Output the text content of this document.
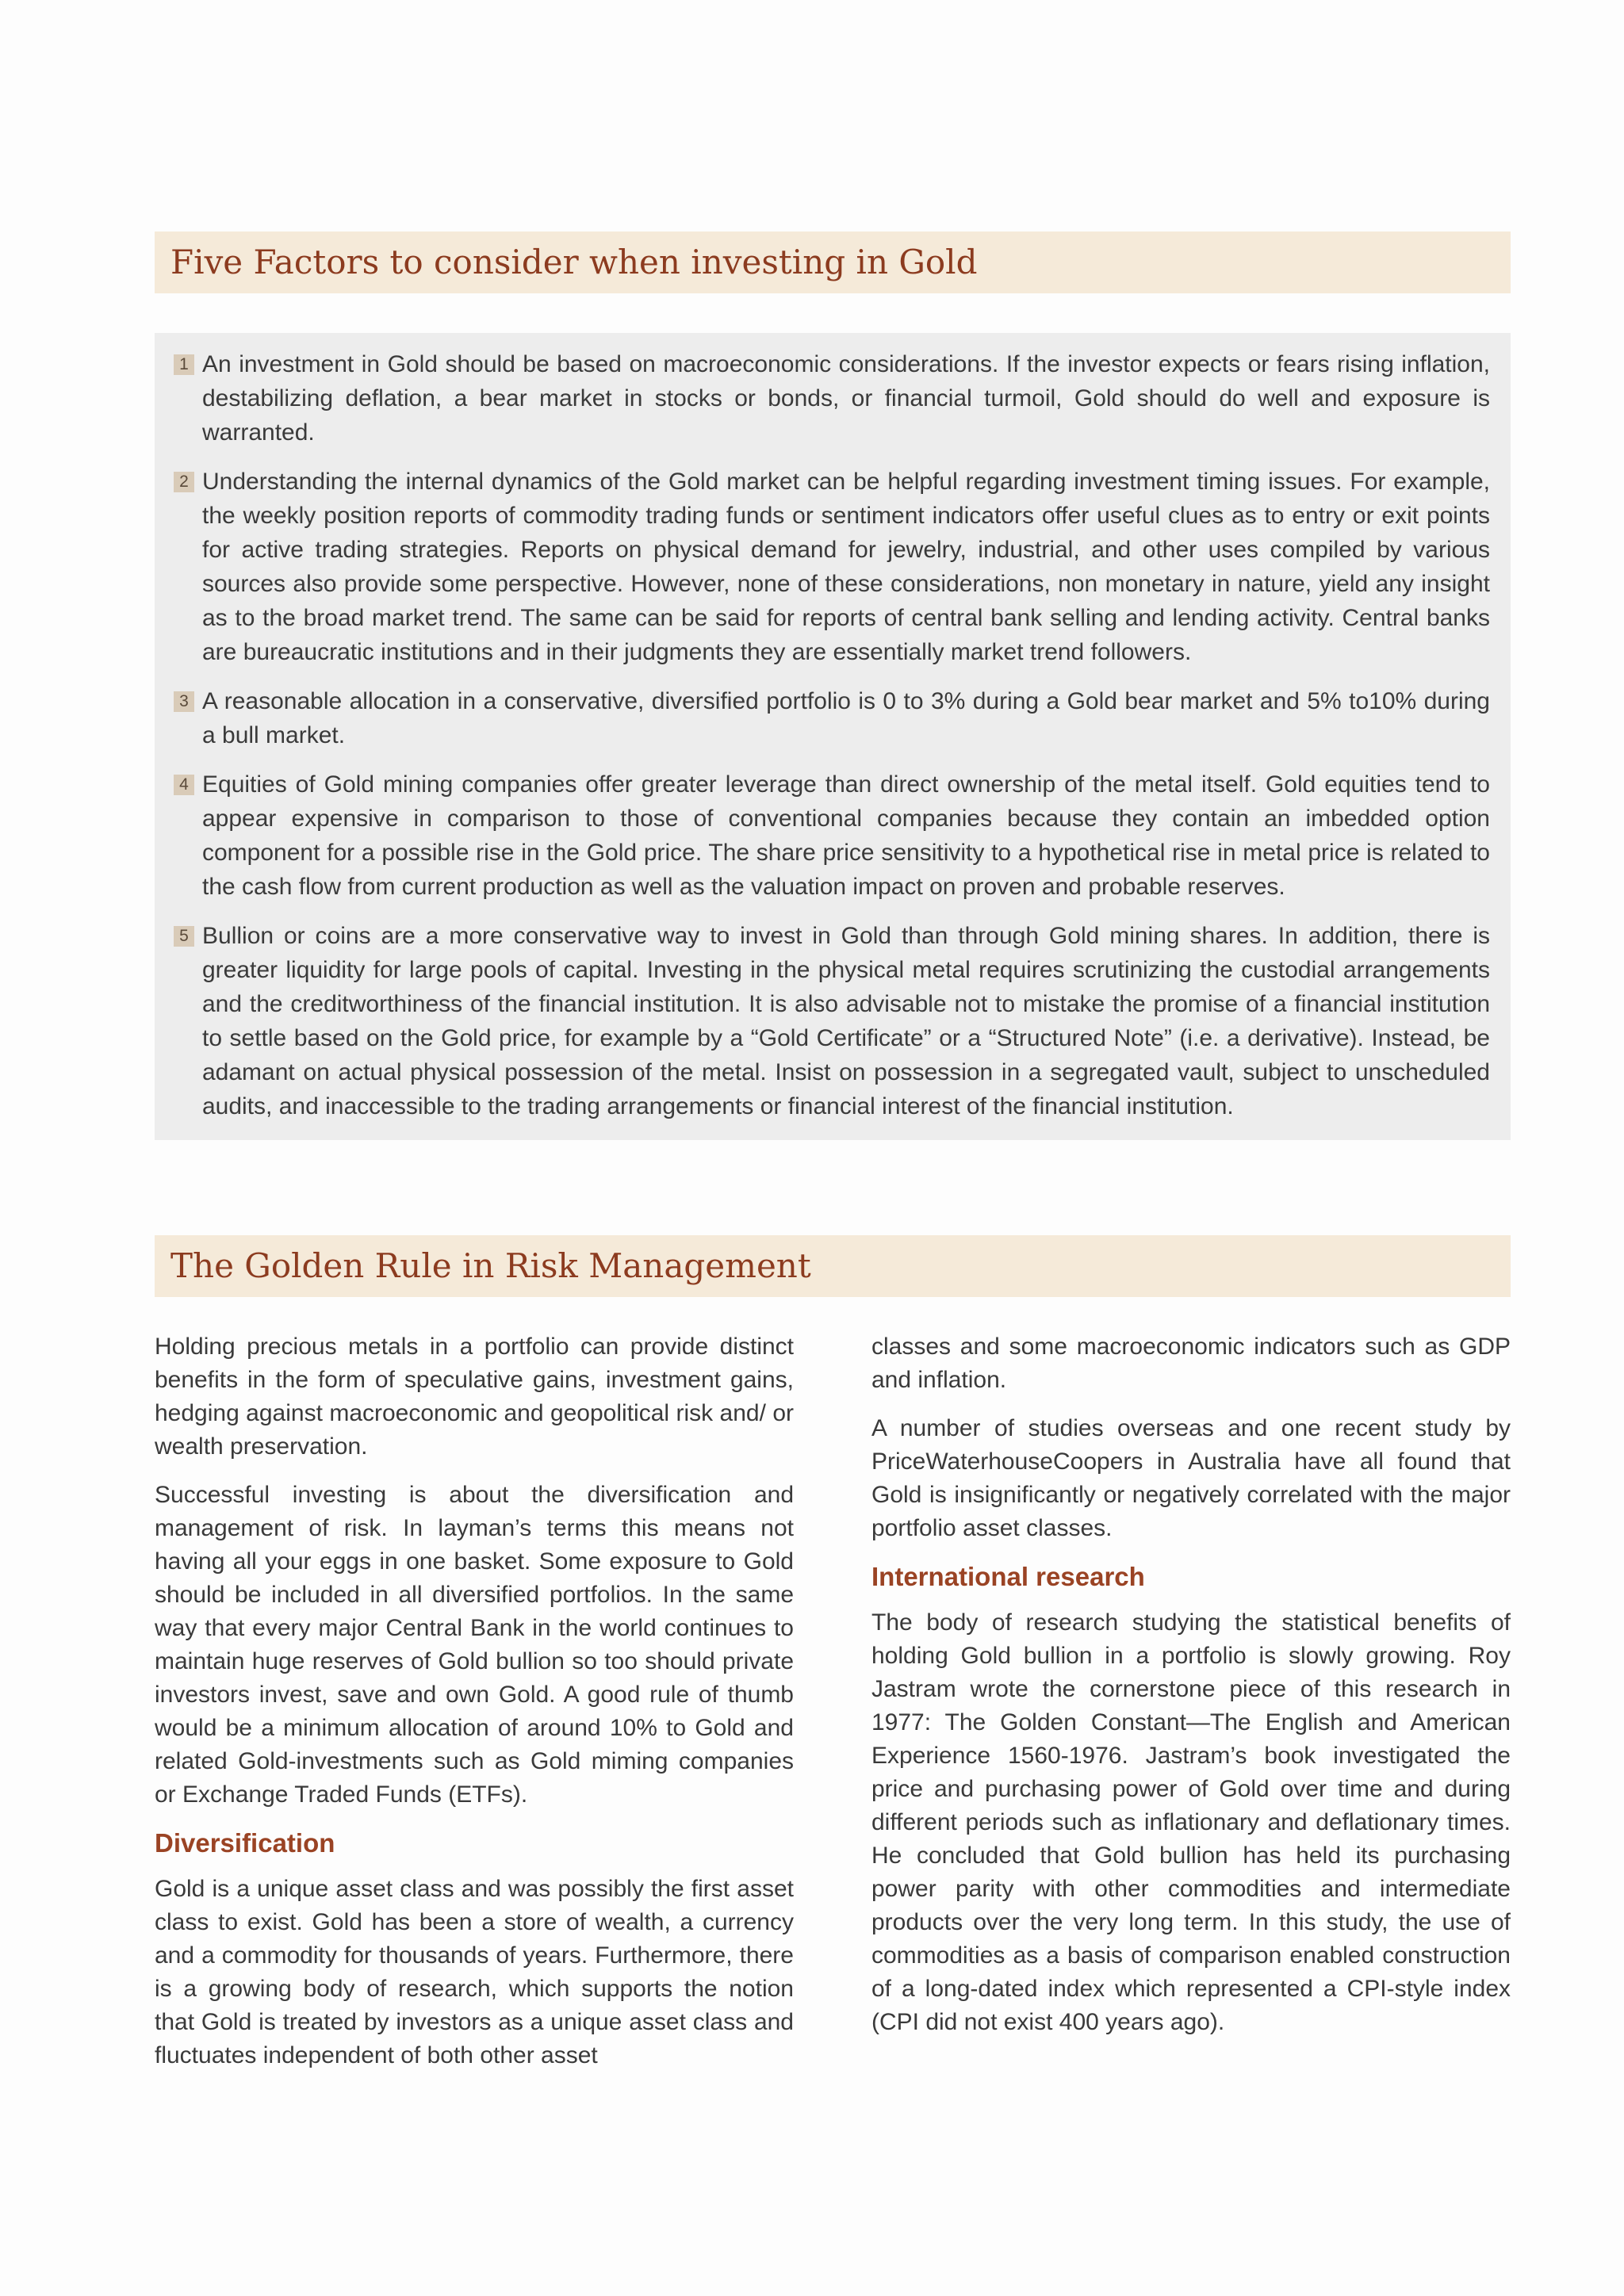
Five Factors to consider when investing in Gold
1 An investment in Gold should be based on macroeconomic considerations. If the investor expects or fears rising inflation, destabilizing deflation, a bear market in stocks or bonds, or financial turmoil, Gold should do well and exposure is warranted.
2 Understanding the internal dynamics of the Gold market can be helpful regarding investment timing issues. For example, the weekly position reports of commodity trading funds or sentiment indicators offer useful clues as to entry or exit points for active trading strategies. Reports on physical demand for jewelry, industrial, and other uses compiled by various sources also provide some perspective. However, none of these considerations, non monetary in nature, yield any insight as to the broad market trend. The same can be said for reports of central bank selling and lending activity. Central banks are bureaucratic institutions and in their judgments they are essentially market trend followers.
3 A reasonable allocation in a conservative, diversified portfolio is 0 to 3% during a Gold bear market and 5% to10% during a bull market.
4 Equities of Gold mining companies offer greater leverage than direct ownership of the metal itself. Gold equities tend to appear expensive in comparison to those of conventional companies because they contain an imbedded option component for a possible rise in the Gold price. The share price sensitivity to a hypothetical rise in metal price is related to the cash flow from current production as well as the valuation impact on proven and probable reserves.
5 Bullion or coins are a more conservative way to invest in Gold than through Gold mining shares. In addition, there is greater liquidity for large pools of capital. Investing in the physical metal requires scrutinizing the custodial arrangements and the creditworthiness of the financial institution. It is also advisable not to mistake the promise of a financial institution to settle based on the Gold price, for example by a “Gold Certificate” or a “Structured Note” (i.e. a derivative). Instead, be adamant on actual physical possession of the metal. Insist on possession in a segregated vault, subject to unscheduled audits, and inaccessible to the trading arrangements or financial interest of the financial institution.
The Golden Rule in Risk Management

Holding precious metals in a portfolio can provide distinct benefits in the form of speculative gains, investment gains, hedging against macroeconomic and geopolitical risk and/ or wealth preservation.

Successful investing is about the diversification and management of risk. In layman’s terms this means not having all your eggs in one basket. Some exposure to Gold should be included in all diversified portfolios. In the same way that every major Central Bank in the world continues to maintain huge reserves of Gold bullion so too should private investors invest, save and own Gold. A good rule of thumb would be a minimum allocation of around 10% to Gold and related Gold-investments such as Gold miming companies or Exchange Traded Funds (ETFs).

Diversification

Gold is a unique asset class and was possibly the first asset class to exist. Gold has been a store of wealth, a currency and a commodity for thousands of years. Furthermore, there is a growing body of research, which supports the notion that Gold is treated by investors as a unique asset class and fluctuates independent of both other asset

classes and some macroeconomic indicators such as GDP and inflation.

A number of studies overseas and one recent study by PriceWaterhouseCoopers in Australia have all found that Gold is insignificantly or negatively correlated with the major portfolio asset classes.

International research

The body of research studying the statistical benefits of holding Gold bullion in a portfolio is slowly growing. Roy Jastram wrote the cornerstone piece of this research in 1977: The Golden Constant—The English and American Experience 1560-1976. Jastram’s book investigated the price and purchasing power of Gold over time and during different periods such as inflationary and deflationary times. He concluded that Gold bullion has held its purchasing power parity with other commodities and intermediate products over the very long term. In this study, the use of commodities as a basis of comparison enabled construction of a long-dated index which represented a CPI-style index (CPI did not exist 400 years ago).
